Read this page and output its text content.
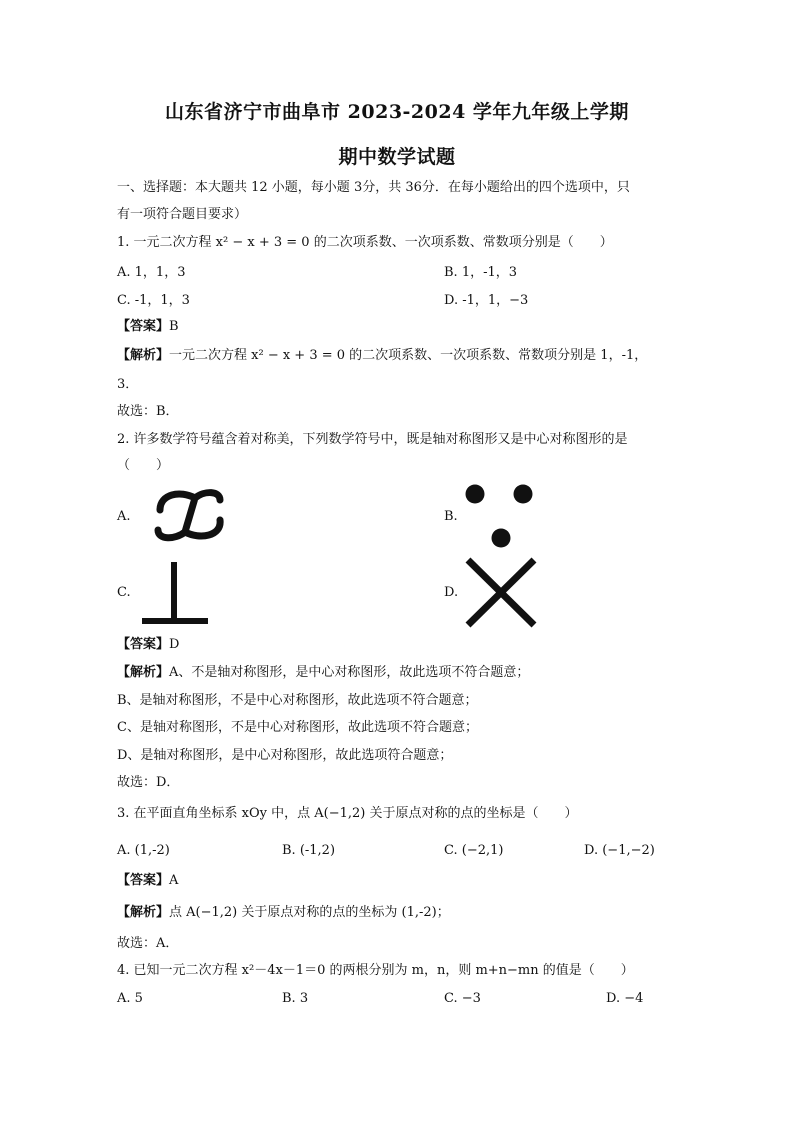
山东省济宁市曲阜市 2023-2024 学年九年级上学期
期中数学试题
一、选择题：本大题共 12 小题，每小题 3分，共 36分．在每小题给出的四个选项中，只
有一项符合题目要求）
1. 一元二次方程 x² − x + 3 = 0 的二次项系数、一次项系数、常数项分别是（　　）
A. 1，1，3	B. 1，-1，3
C. -1，1，3	D. -1，1，−3
【答案】B
【解析】一元二次方程 x² − x + 3 = 0 的二次项系数、一次项系数、常数项分别是 1，-1，
3．
故选：B．
2. 许多数学符号蕴含着对称美，下列数学符号中，既是轴对称图形又是中心对称图形的是
（　　）
A.	B.
C.	D.
【答案】D
【解析】A、不是轴对称图形，是中心对称图形，故此选项不符合题意；
B、是轴对称图形，不是中心对称图形，故此选项不符合题意；
C、是轴对称图形，不是中心对称图形，故此选项不符合题意；
D、是轴对称图形，是中心对称图形，故此选项符合题意；
故选：D．
3. 在平面直角坐标系 xOy 中，点 A(−1,2) 关于原点对称的点的坐标是（　　）
A. (1,-2)	B. (-1,2)	C. (−2,1)	D. (−1,−2)
【答案】A
【解析】点 A(−1,2) 关于原点对称的点的坐标为 (1,-2)；
故选：A．
4. 已知一元二次方程 x²－4x－1＝0 的两根分别为 m，n，则 m+n−mn 的值是（　　）
A. 5	B. 3	C. −3	D. −4
